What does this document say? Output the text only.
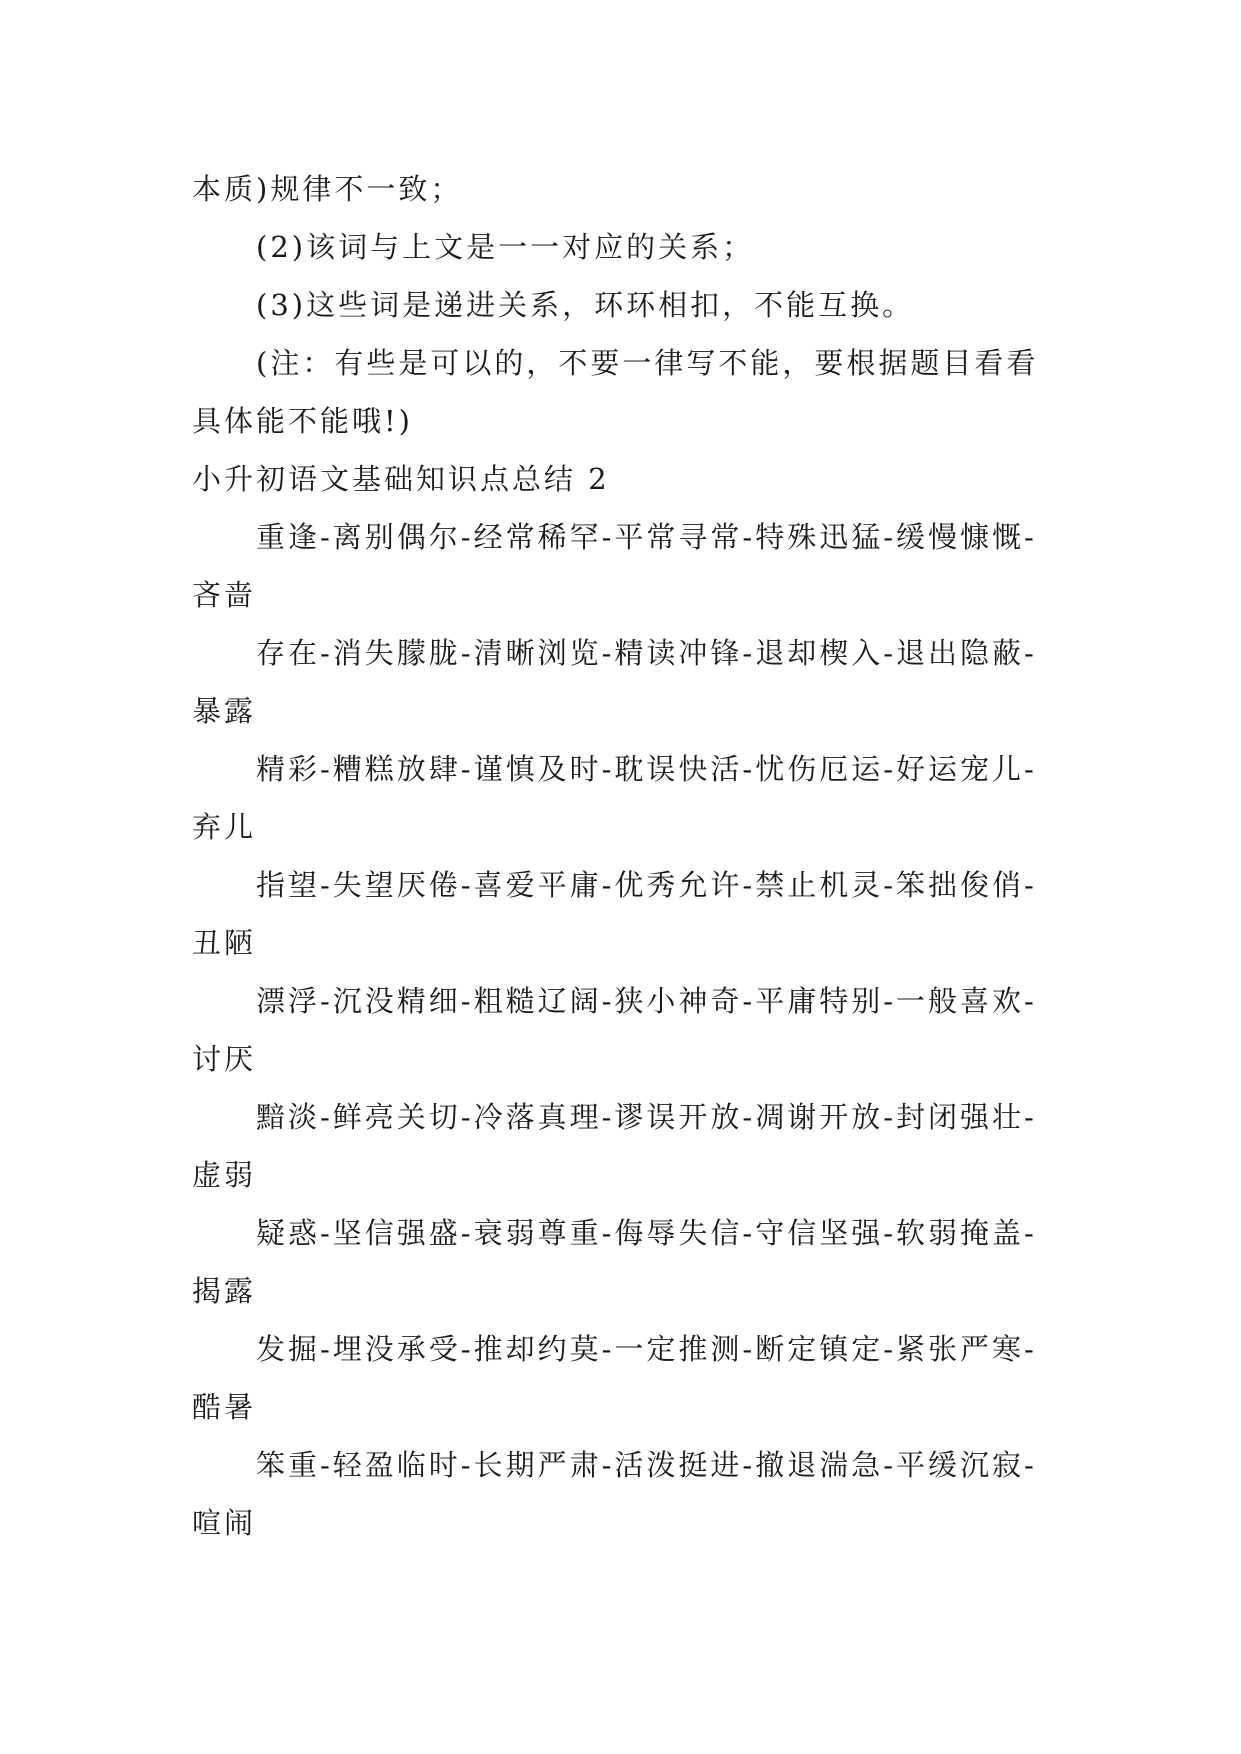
本质)规律不一致；

(2)该词与上文是一一对应的关系；

(3)这些词是递进关系，环环相扣，不能互换。

(注：有些是可以的，不要一律写不能，要根据题目看看具体能不能哦!)

小升初语文基础知识点总结 2

重逢-离别偶尔-经常稀罕-平常寻常-特殊迅猛-缓慢慷慨-吝啬

存在-消失朦胧-清晰浏览-精读冲锋-退却楔入-退出隐蔽-暴露

精彩-糟糕放肆-谨慎及时-耽误快活-忧伤厄运-好运宠儿-弃儿

指望-失望厌倦-喜爱平庸-优秀允许-禁止机灵-笨拙俊俏-丑陋

漂浮-沉没精细-粗糙辽阔-狭小神奇-平庸特别-一般喜欢-讨厌

黯淡-鲜亮关切-冷落真理-谬误开放-凋谢开放-封闭强壮-虚弱

疑惑-坚信强盛-衰弱尊重-侮辱失信-守信坚强-软弱掩盖-揭露

发掘-埋没承受-推却约莫-一定推测-断定镇定-紧张严寒-酷暑

笨重-轻盈临时-长期严肃-活泼挺进-撤退湍急-平缓沉寂-喧闹
